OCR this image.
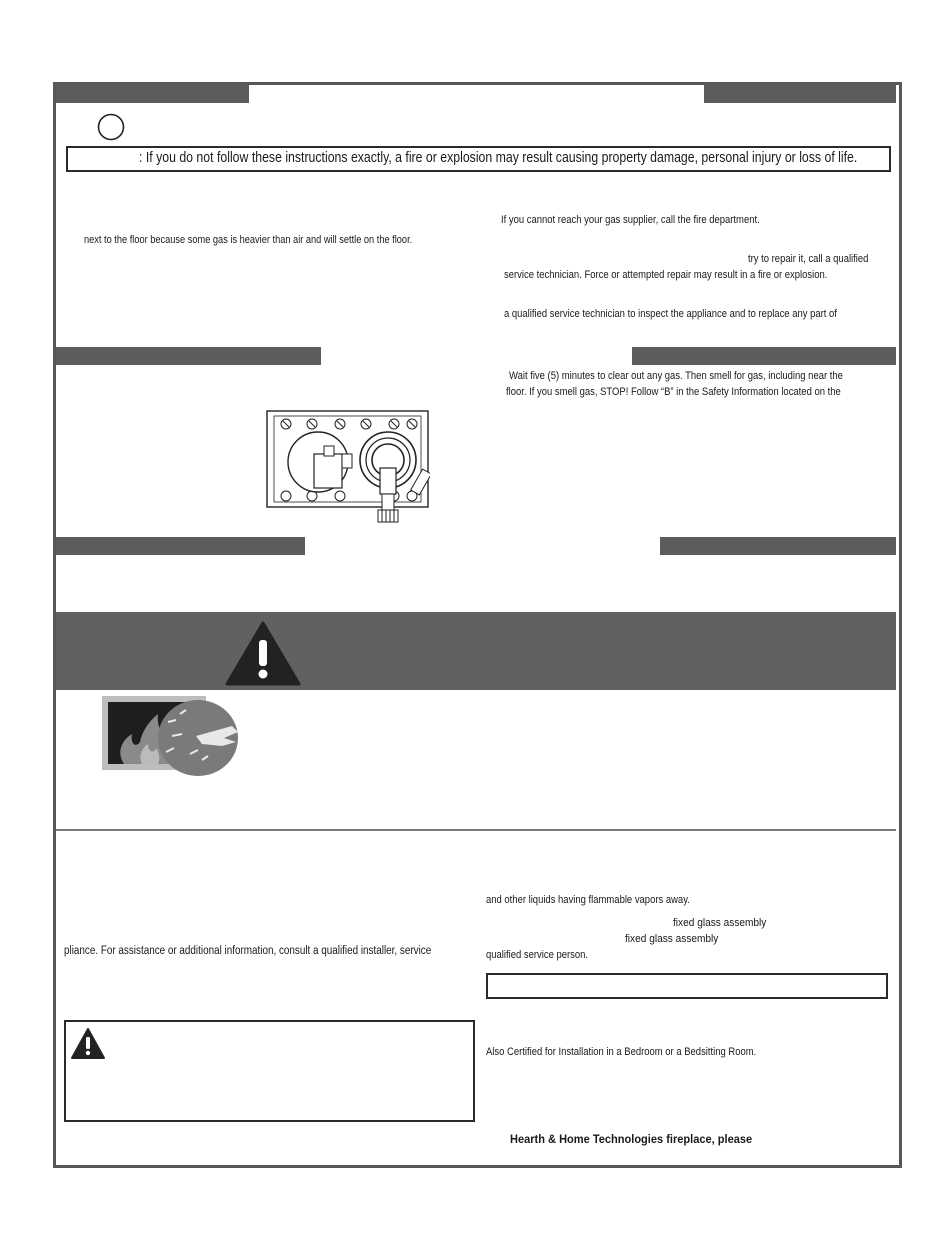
: If you do not follow these instructions exactly, a fire or explosion may result causing property damage, personal injury or loss of life.
next to the floor because some gas is heavier than air and will settle on the floor.
If you cannot reach your gas supplier, call the fire department.
try to repair it, call a qualified
service technician. Force or attempted repair may result in a fire or explosion.
a qualified service technician to inspect the appliance and to replace any part of
Wait five (5) minutes to clear out any gas. Then smell for gas, including near the
floor. If you smell gas, STOP! Follow “B” in the Safety Information located on the
and other liquids having flammable vapors away.
fixed glass assembly
fixed glass assembly
qualified service person.
Also Certified for Installation in a Bedroom or a Bedsitting Room.
Hearth & Home Technologies fireplace, please
pliance. For assistance or additional information, consult a qualified installer, service
